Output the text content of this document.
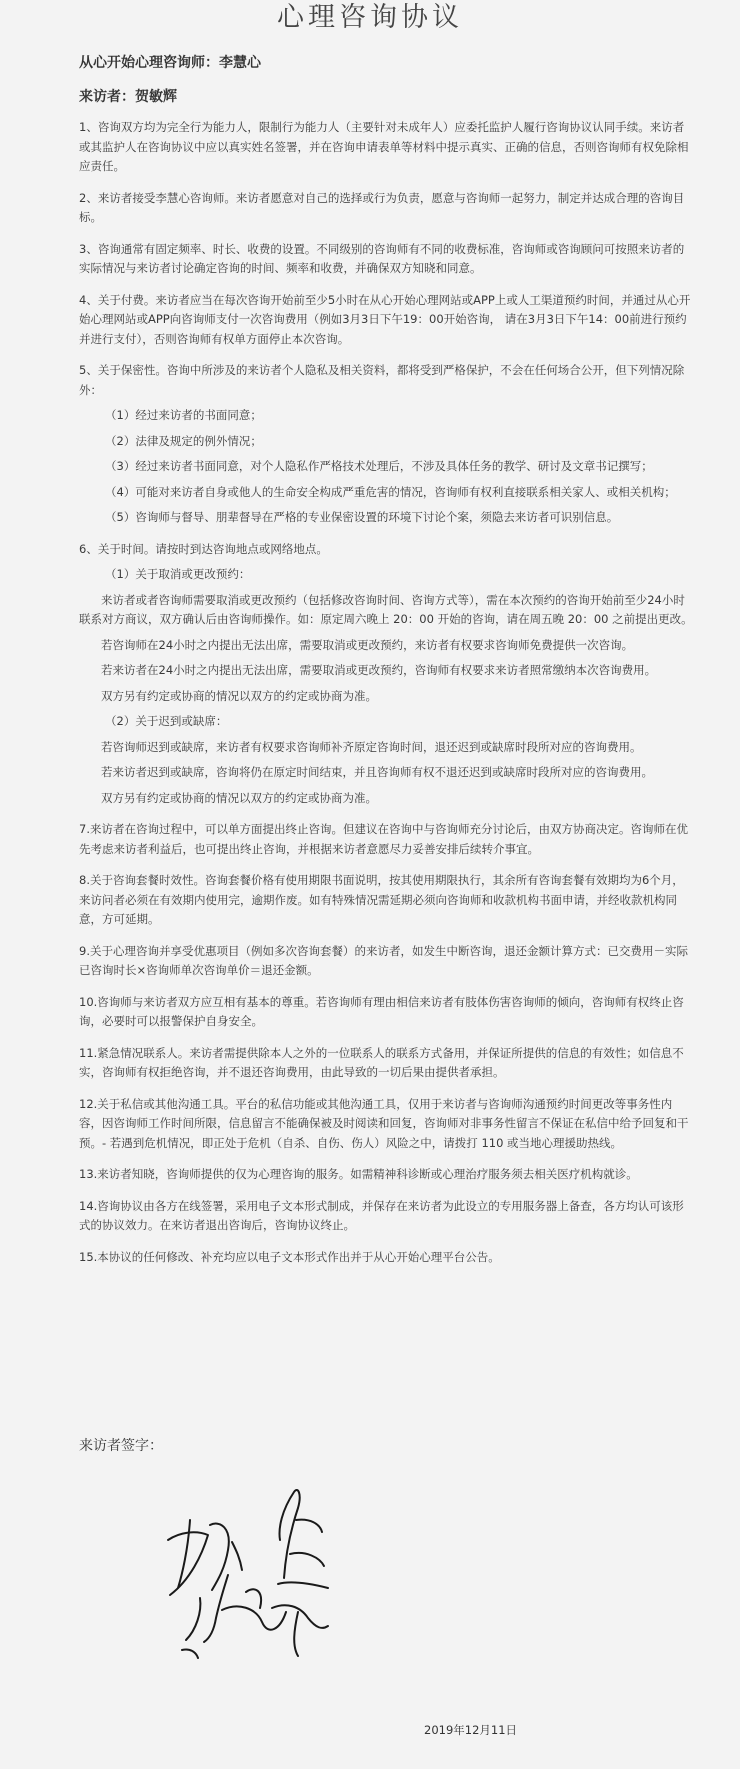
心理咨询协议
从心开始心理咨询师：李慧心
来访者：贺敏辉

1、咨询双方均为完全行为能力人，限制行为能力人（主要针对未成年人）应委托监护人履行咨询协议认同手续。来访者或其监护人在咨询协议中应以真实姓名签署，并在咨询申请表单等材料中提示真实、正确的信息，否则咨询师有权免除相应责任。

2、来访者接受李慧心咨询师。来访者愿意对自己的选择或行为负责，愿意与咨询师一起努力，制定并达成合理的咨询目标。

3、咨询通常有固定频率、时长、收费的设置。不同级别的咨询师有不同的收费标准，咨询师或咨询顾问可按照来访者的实际情况与来访者讨论确定咨询的时间、频率和收费，并确保双方知晓和同意。

4、关于付费。来访者应当在每次咨询开始前至少5小时在从心开始心理网站或APP上或人工渠道预约时间，并通过从心开始心理网站或APP向咨询师支付一次咨询费用（例如3月3日下午19：00开始咨询， 请在3月3日下午14：00前进行预约并进行支付），否则咨询师有权单方面停止本次咨询。

5、关于保密性。咨询中所涉及的来访者个人隐私及相关资料，都将受到严格保护，不会在任何场合公开，但下列情况除外：

（1）经过来访者的书面同意；

（2）法律及规定的例外情况；

（3）经过来访者书面同意，对个人隐私作严格技术处理后，不涉及具体任务的教学、研讨及文章书记撰写；

（4）可能对来访者自身或他人的生命安全构成严重危害的情况，咨询师有权利直接联系相关家人、或相关机构；

（5）咨询师与督导、朋辈督导在严格的专业保密设置的环境下讨论个案，须隐去来访者可识别信息。

6、关于时间。请按时到达咨询地点或网络地点。

（1）关于取消或更改预约：

来访者或者咨询师需要取消或更改预约（包括修改咨询时间、咨询方式等），需在本次预约的咨询开始前至少24小时联系对方商议，双方确认后由咨询师操作。如：原定周六晚上 20：00 开始的咨询，请在周五晚 20：00 之前提出更改。

若咨询师在24小时之内提出无法出席，需要取消或更改预约，来访者有权要求咨询师免费提供一次咨询。

若来访者在24小时之内提出无法出席，需要取消或更改预约，咨询师有权要求来访者照常缴纳本次咨询费用。

双方另有约定或协商的情况以双方的约定或协商为准。

（2）关于迟到或缺席：

若咨询师迟到或缺席，来访者有权要求咨询师补齐原定咨询时间，退还迟到或缺席时段所对应的咨询费用。

若来访者迟到或缺席，咨询将仍在原定时间结束，并且咨询师有权不退还迟到或缺席时段所对应的咨询费用。

双方另有约定或协商的情况以双方的约定或协商为准。

7.来访者在咨询过程中，可以单方面提出终止咨询。但建议在咨询中与咨询师充分讨论后，由双方协商决定。咨询师在优先考虑来访者利益后，也可提出终止咨询，并根据来访者意愿尽力妥善安排后续转介事宜。

8.关于咨询套餐时效性。咨询套餐价格有使用期限书面说明，按其使用期限执行，其余所有咨询套餐有效期均为6个月，来访问者必须在有效期内使用完，逾期作废。如有特殊情况需延期必须向咨询师和收款机构书面申请，并经收款机构同意，方可延期。

9.关于心理咨询并享受优惠项目（例如多次咨询套餐）的来访者，如发生中断咨询，退还金额计算方式：已交费用－实际已咨询时长×咨询师单次咨询单价＝退还金额。

10.咨询师与来访者双方应互相有基本的尊重。若咨询师有理由相信来访者有肢体伤害咨询师的倾向，咨询师有权终止咨询，必要时可以报警保护自身安全。

11.紧急情况联系人。来访者需提供除本人之外的一位联系人的联系方式备用，并保证所提供的信息的有效性；如信息不实，咨询师有权拒绝咨询，并不退还咨询费用，由此导致的一切后果由提供者承担。

12.关于私信或其他沟通工具。平台的私信功能或其他沟通工具，仅用于来访者与咨询师沟通预约时间更改等事务性内容，因咨询师工作时间所限，信息留言不能确保被及时阅读和回复，咨询师对非事务性留言不保证在私信中给予回复和干预。- 若遇到危机情况，即正处于危机（自杀、自伤、伤人）风险之中，请拨打 110 或当地心理援助热线。

13.来访者知晓，咨询师提供的仅为心理咨询的服务。如需精神科诊断或心理治疗服务须去相关医疗机构就诊。

14.咨询协议由各方在线签署，采用电子文本形式制成，并保存在来访者为此设立的专用服务器上备查，各方均认可该形式的协议效力。在来访者退出咨询后，咨询协议终止。

15.本协议的任何修改、补充均应以电子文本形式作出并于从心开始心理平台公告。

来访者签字：
2019年12月11日
